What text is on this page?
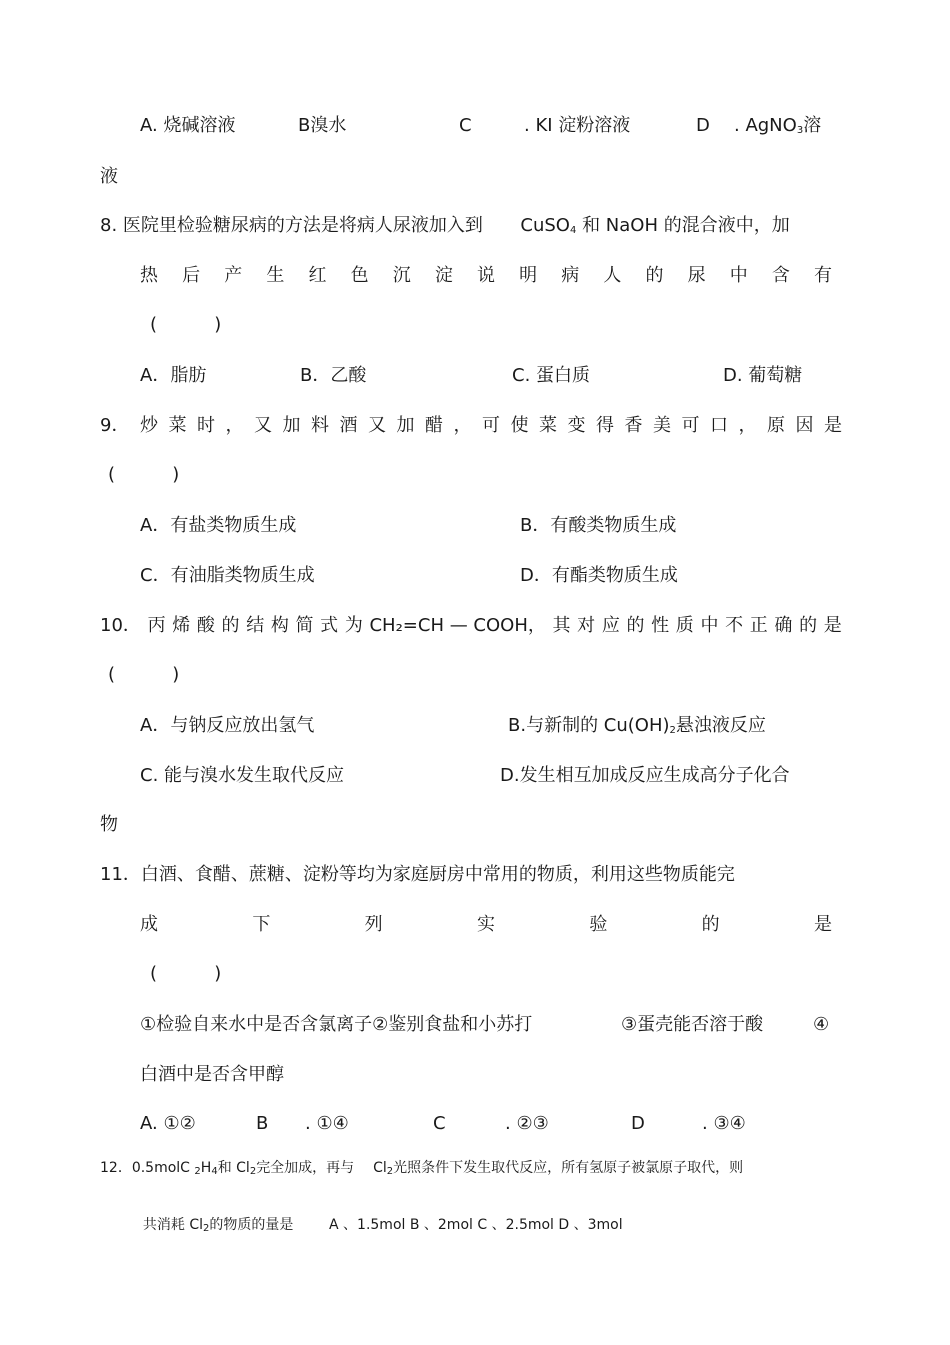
A. 烧碱溶液	B溴水	C	. KI 淀粉溶液	D . AgNO$_3$溶
液
8. 医院里检验糖尿病的方法是将病人尿液加入到 CuSO$_4$ 和 NaOH 的混合液中，加
热 后 产 生 红 色 沉 淀 说 明 病 人 的 尿 中 含 有
(          )
A．脂肪	B．乙酸	C. 蛋白质	D. 葡萄糖
9． 炒 菜 时 ， 又 加 料 酒 又 加 醋 ， 可 使 菜 变 得 香 美 可 口 ， 原 因 是
(          )
A．有盐类物质生成	B．有酸类物质生成
C．有油脂类物质生成	D．有酯类物质生成
10． 丙 烯 酸 的 结 构 简 式 为 CH₂=CH — COOH， 其 对 应 的 性 质 中 不 正 确 的 是
(          )
A．与钠反应放出氢气	B.与新制的 $Cu(OH)_2$悬浊液反应
C. 能与溴水发生取代反应	D.发生相互加成反应生成高分子化合
物
11．白酒、食醋、蔗糖、淀粉等均为家庭厨房中常用的物质，利用这些物质能完
成	下	列	实	验	的	是
(          )
①检验自来水中是否含氯离子②鉴别食盐和小苏打	③蛋壳能否溶于酸	④
白酒中是否含甲醇
A. ①②	B . ①④	C	. ②③	D	. ③④
12．0.5molC $_2H_4$和 $Cl_2$完全加成，再与 $Cl_2$光照条件下发生取代反应，所有氢原子被氯原子取代，则

共消耗 $Cl_2$的物质的量是	A 、1.5mol B 、2mol C 、2.5mol D 、3mol
